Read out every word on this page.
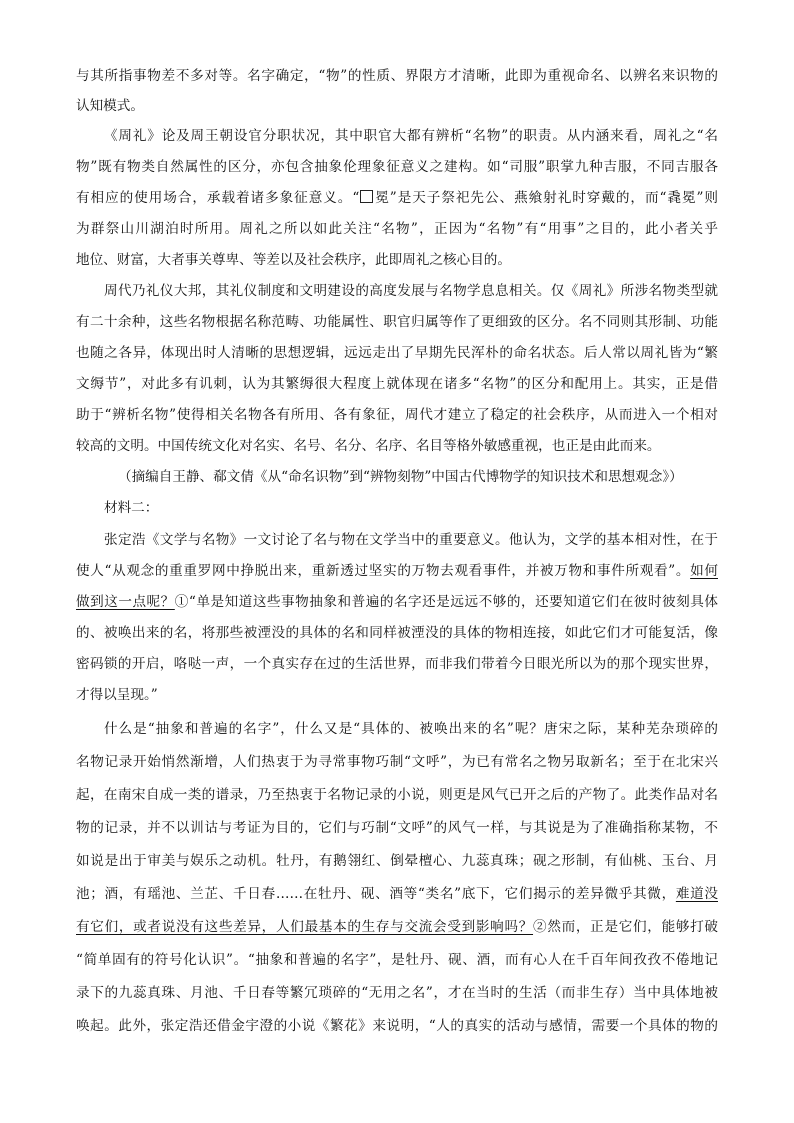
与其所指事物差不多对等。名字确定，“物”的性质、界限方才清晰，此即为重视命名、以辨名来识物的
认知模式。
《周礼》论及周王朝设官分职状况，其中职官大都有辨析“名物”的职责。从内涵来看，周礼之“名
物”既有物类自然属性的区分，亦包含抽象伦理象征意义之建构。如“司服”职掌九种吉服，不同吉服各
有相应的使用场合，承载着诸多象征意义。“ 冕”是天子祭祀先公、燕飨射礼时穿戴的，而“毳冕”则
为群祭山川湖泊时所用。周礼之所以如此关注“名物”，正因为“名物”有“用事”之目的，此小者关乎
地位、财富，大者事关尊卑、等差以及社会秩序，此即周礼之核心目的。
周代乃礼仪大邦，其礼仪制度和文明建设的高度发展与名物学息息相关。仅《周礼》所涉名物类型就
有二十余种，这些名物根据名称范畴、功能属性、职官归属等作了更细致的区分。名不同则其形制、功能
也随之各异，体现出时人清晰的思想逻辑，远远走出了早期先民浑朴的命名状态。后人常以周礼皆为“繁
文缛节”，对此多有讥刺，认为其繁缛很大程度上就体现在诸多“名物”的区分和配用上。其实，正是借
助于“辨析名物”使得相关名物各有所用、各有象征，周代才建立了稳定的社会秩序，从而进入一个相对
较高的文明。中国传统文化对名实、名号、名分、名序、名目等格外敏感重视，也正是由此而来。
（摘编自王静、郗文倩《从“命名识物”到“辨物刻物”中国古代博物学的知识技术和思想观念》）
材料二：
张定浩《文学与名物》一文讨论了名与物在文学当中的重要意义。他认为，文学的基本相对性，在于
使人“从观念的重重罗网中挣脱出来，重新透过坚实的万物去观看事件，并被万物和事件所观看”。如何
做到这一点呢？①“单是知道这些事物抽象和普遍的名字还是远远不够的，还要知道它们在彼时彼刻具体
的、被唤出来的名，将那些被湮没的具体的名和同样被湮没的具体的物相连接，如此它们才可能复活，像
密码锁的开启，咯哒一声，一个真实存在过的生活世界，而非我们带着今日眼光所以为的那个现实世界，
才得以呈现。”
什么是“抽象和普遍的名字”，什么又是“具体的、被唤出来的名”呢？唐宋之际，某种芜杂琐碎的
名物记录开始悄然渐增，人们热衷于为寻常事物巧制“文呼”，为已有常名之物另取新名；至于在北宋兴
起，在南宋自成一类的谱录，乃至热衷于名物记录的小说，则更是风气已开之后的产物了。此类作品对名
物的记录，并不以训诂与考证为目的，它们与巧制“文呼”的风气一样，与其说是为了准确指称某物，不
如说是出于审美与娱乐之动机。牡丹，有鹅翎红、倒晕檀心、九蕊真珠；砚之形制，有仙桃、玉台、月
池；酒，有瑶池、兰芷、千日春……在牡丹、砚、酒等“类名”底下，它们揭示的差异微乎其微，难道没
有它们，或者说没有这些差异，人们最基本的生存与交流会受到影响吗？②然而，正是它们，能够打破
“简单固有的符号化认识”。“抽象和普遍的名字”，是牡丹、砚、酒，而有心人在千百年间孜孜不倦地记
录下的九蕊真珠、月池、千日春等繁冗琐碎的“无用之名”，才在当时的生活（而非生存）当中具体地被
唤起。此外，张定浩还借金宇澄的小说《繁花》来说明，“人的真实的活动与感情，需要一个具体的物的
